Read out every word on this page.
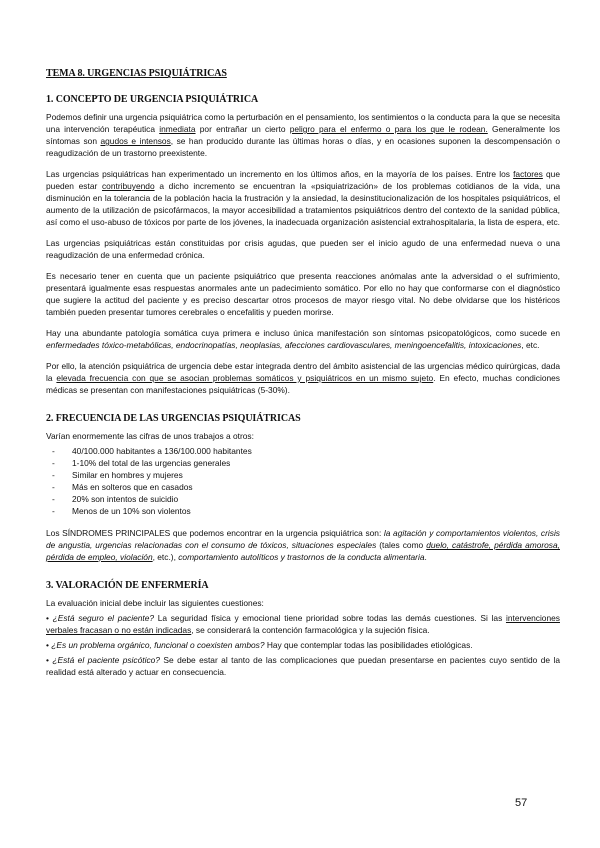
TEMA 8. URGENCIAS PSIQUIÁTRICAS
1. CONCEPTO DE URGENCIA PSIQUIÁTRICA

Podemos definir una urgencia psiquiátrica como la perturbación en el pensamiento, los sentimientos o la conducta para la que se necesita una intervención terapéutica inmediata por entrañar un cierto peligro para el enfermo o para los que le rodean. Generalmente los síntomas son agudos e intensos, se han producido durante las últimas horas o días, y en ocasiones suponen la descompensación o reagudización de un trastorno preexistente.

Las urgencias psiquiátricas han experimentado un incremento en los últimos años, en la mayoría de los países. Entre los factores que pueden estar contribuyendo a dicho incremento se encuentran la «psiquiatrización» de los problemas cotidianos de la vida, una disminución en la tolerancia de la población hacia la frustración y la ansiedad, la desinstitucionalización de los hospitales psiquiátricos, el aumento de la utilización de psicofármacos, la mayor accesibilidad a tratamientos psiquiátricos dentro del contexto de la sanidad pública, así como el uso-abuso de tóxicos por parte de los jóvenes, la inadecuada organización asistencial extrahospitalaria, la lista de espera, etc.

Las urgencias psiquiátricas están constituidas por crisis agudas, que pueden ser el inicio agudo de una enfermedad nueva o una reagudización de una enfermedad crónica.

Es necesario tener en cuenta que un paciente psiquiátrico que presenta reacciones anómalas ante la adversidad o el sufrimiento, presentará igualmente esas respuestas anormales ante un padecimiento somático. Por ello no hay que conformarse con el diagnóstico que sugiere la actitud del paciente y es preciso descartar otros procesos de mayor riesgo vital. No debe olvidarse que los histéricos también pueden presentar tumores cerebrales o encefalitis y pueden morirse.

Hay una abundante patología somática cuya primera e incluso única manifestación son síntomas psicopatológicos, como sucede en enfermedades tóxico-metabólicas, endocrinopatías, neoplasias, afecciones cardiovasculares, meningoencefalitis, intoxicaciones, etc.

Por ello, la atención psiquiátrica de urgencia debe estar integrada dentro del ámbito asistencial de las urgencias médico quirúrgicas, dada la elevada frecuencia con que se asocian problemas somáticos y psiquiátricos en un mismo sujeto. En efecto, muchas condiciones médicas se presentan con manifestaciones psiquiátricas (5-30%).

2. FRECUENCIA DE LAS URGENCIAS PSIQUIÁTRICAS

Varían enormemente las cifras de unos trabajos a otros:

- 40/100.000 habitantes a 136/100.000 habitantes
- 1-10% del total de las urgencias generales
- Similar en hombres y mujeres
- Más en solteros que en casados
- 20% son intentos de suicidio
- Menos de un 10% son violentos

Los SÍNDROMES PRINCIPALES que podemos encontrar en la urgencia psiquiátrica son: la agitación y comportamientos violentos, crisis de angustia, urgencias relacionadas con el consumo de tóxicos, situaciones especiales (tales como duelo, catástrofe, pérdida amorosa, pérdida de empleo, violación, etc.), comportamiento autolíticos y trastornos de la conducta alimentaria.

3. VALORACIÓN DE ENFERMERÍA

La evaluación inicial debe incluir las siguientes cuestiones:

• ¿Está seguro el paciente? La seguridad física y emocional tiene prioridad sobre todas las demás cuestiones. Si las intervenciones verbales fracasan o no están indicadas, se considerará la contención farmacológica y la sujeción física.

• ¿Es un problema orgánico, funcional o coexisten ambos? Hay que contemplar todas las posibilidades etiológicas.

• ¿Está el paciente psicótico? Se debe estar al tanto de las complicaciones que puedan presentarse en pacientes cuyo sentido de la realidad está alterado y actuar en consecuencia.

57
